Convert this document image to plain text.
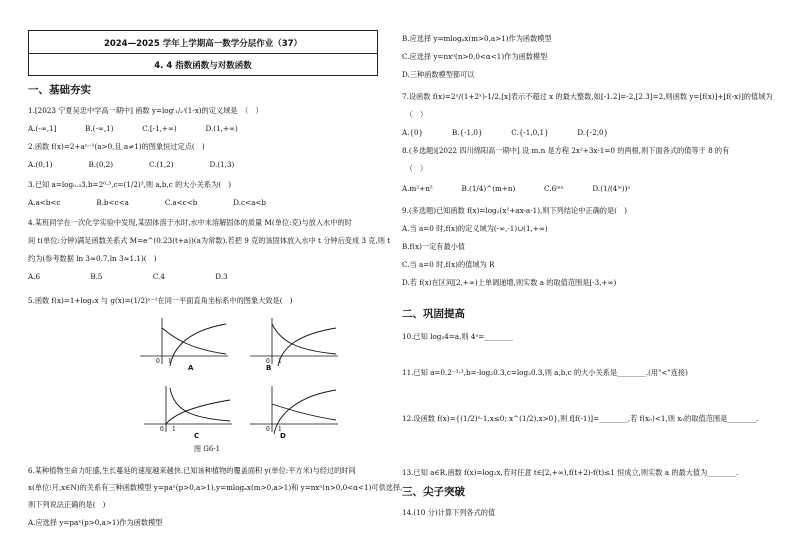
2024—2025 学年上学期高一数学分层作业（37）
4. 4 指数函数与对数函数
一、基础夯实
1.[2023 宁夏吴忠中学高一期中] 函数 y=log⁽₁/₂⁾(1-x)的定义域是　（　）
A.(-∞,1]　　　　B.(-∞,1)　　　　C.[-1,+∞)　　　　D.(1,+∞)
2.函数 f(x)=2+aˣ⁻¹(a>0,且 a≠1)的图象恒过定点(　)
A.(0,1)　　　　　B.(0,2)　　　　　C.(1,2)　　　　　D.(1,3)
3.已知 a=log₀.₃3,b=2⁰·³,c=(1/2)³,则 a,b,c 的大小关系为(　)
A.a<b<c　　　　　B.b<c<a　　　　　C.a<c<b　　　　　D.c<a<b
4.某班同学在一次化学实验中发现,某固体溶于水时,水中未溶解固体的质量 M(单位:克)与放入水中的时
间 t(单位:分钟)满足函数关系式 M=e^(0.23(t+a))(a为常数).若把 9 克的该固体放入水中 t 分钟后变成 3 克,则 t
约为(参考数据 ln 3≈0.7,ln 3≈1.1)(　)
A.6　　　　　　　B.5　　　　　　　C.4　　　　　　　D.3
5.函数 f(x)=1+log₂x 与 g(x)=(1/2)ˣ⁻¹在同一平面直角坐标系中的图象大致是(　)
0 1
A
0 1
B
0 1
C
0 1
D
图 G6-1
6.某种植物生命力旺盛,生长蔓延的速度越来越快.已知该种植物的覆盖面积 y(单位:平方米)与经过的时间
x(单位:月,x∈N)的关系有三种函数模型 y=paˣ(p>0,a>1),y=mlogₐx(m>0,a>1)和 y=nxᵅ(n>0,0<α<1)可供选择,
则下列说法正确的是(　)
A.应选择 y=paˣ(p>0,a>1)作为函数模型
B.应选择 y=mlogₐx(m>0,a>1)作为函数模型
C.应选择 y=nxᵅ(n>0,0<α<1)作为函数模型
D.三种函数模型都可以
7.设函数 f(x)=2ˣ/(1+2ˣ)-1/2,[x]表示不超过 x 的最大整数,如[-1.2]=-2,[2.3]=2,则函数 y=[f(x)]+[f(-x)]的值域为
　（　）
A.{0}　　　　B.{-1,0}　　　　C.{-1,0,1}　　　　D.{-2,0}
8.(多选题)[2022 四川绵阳高一期中] 设 m,n 是方程 2x²+3x-1=0 的两根,则下面各式的值等于 8 的有
　（　）
A.m²+n²　　　　B.(1/4)^(m+n)　　　　C.6ᵐⁿ　　　　D.(1/(4ᵐ))ⁿ
9.(多选题)已知函数 f(x)=log₂(x²+ax-a-1),则下列结论中正确的是(　)
A.当 a=0 时,f(x)的定义域为(-∞,-1)∪(1,+∞)
B.f(x)一定有最小值
C.当 a=0 时,f(x)的值域为 R
D.若 f(x)在区间[2,+∞)上单调递增,则实数 a 的取值范围是[-3,+∞)
二、巩固提高
10.已知 log₃4=a,则 4ᵃ=________
11.已知 a=0.2⁻³·³,b=-log₂0.3,c=log₂0.3,则 a,b,c 的大小关系是________.(用"<"连接)
12.设函数 f(x)={(1/2)ˣ-1,x≤0; x^(1/2),x>0},则 f[f(-1)]=________,若 f(x₀)<1,则 x₀的取值范围是________.
13.已知 a∈R,函数 f(x)=log₂x,若对任意 t∈[2,+∞),f(t+2)-f(t)≤1 恒成立,则实数 a 的最大值为________.
三、尖子突破
14.(10 分)计算下列各式的值
